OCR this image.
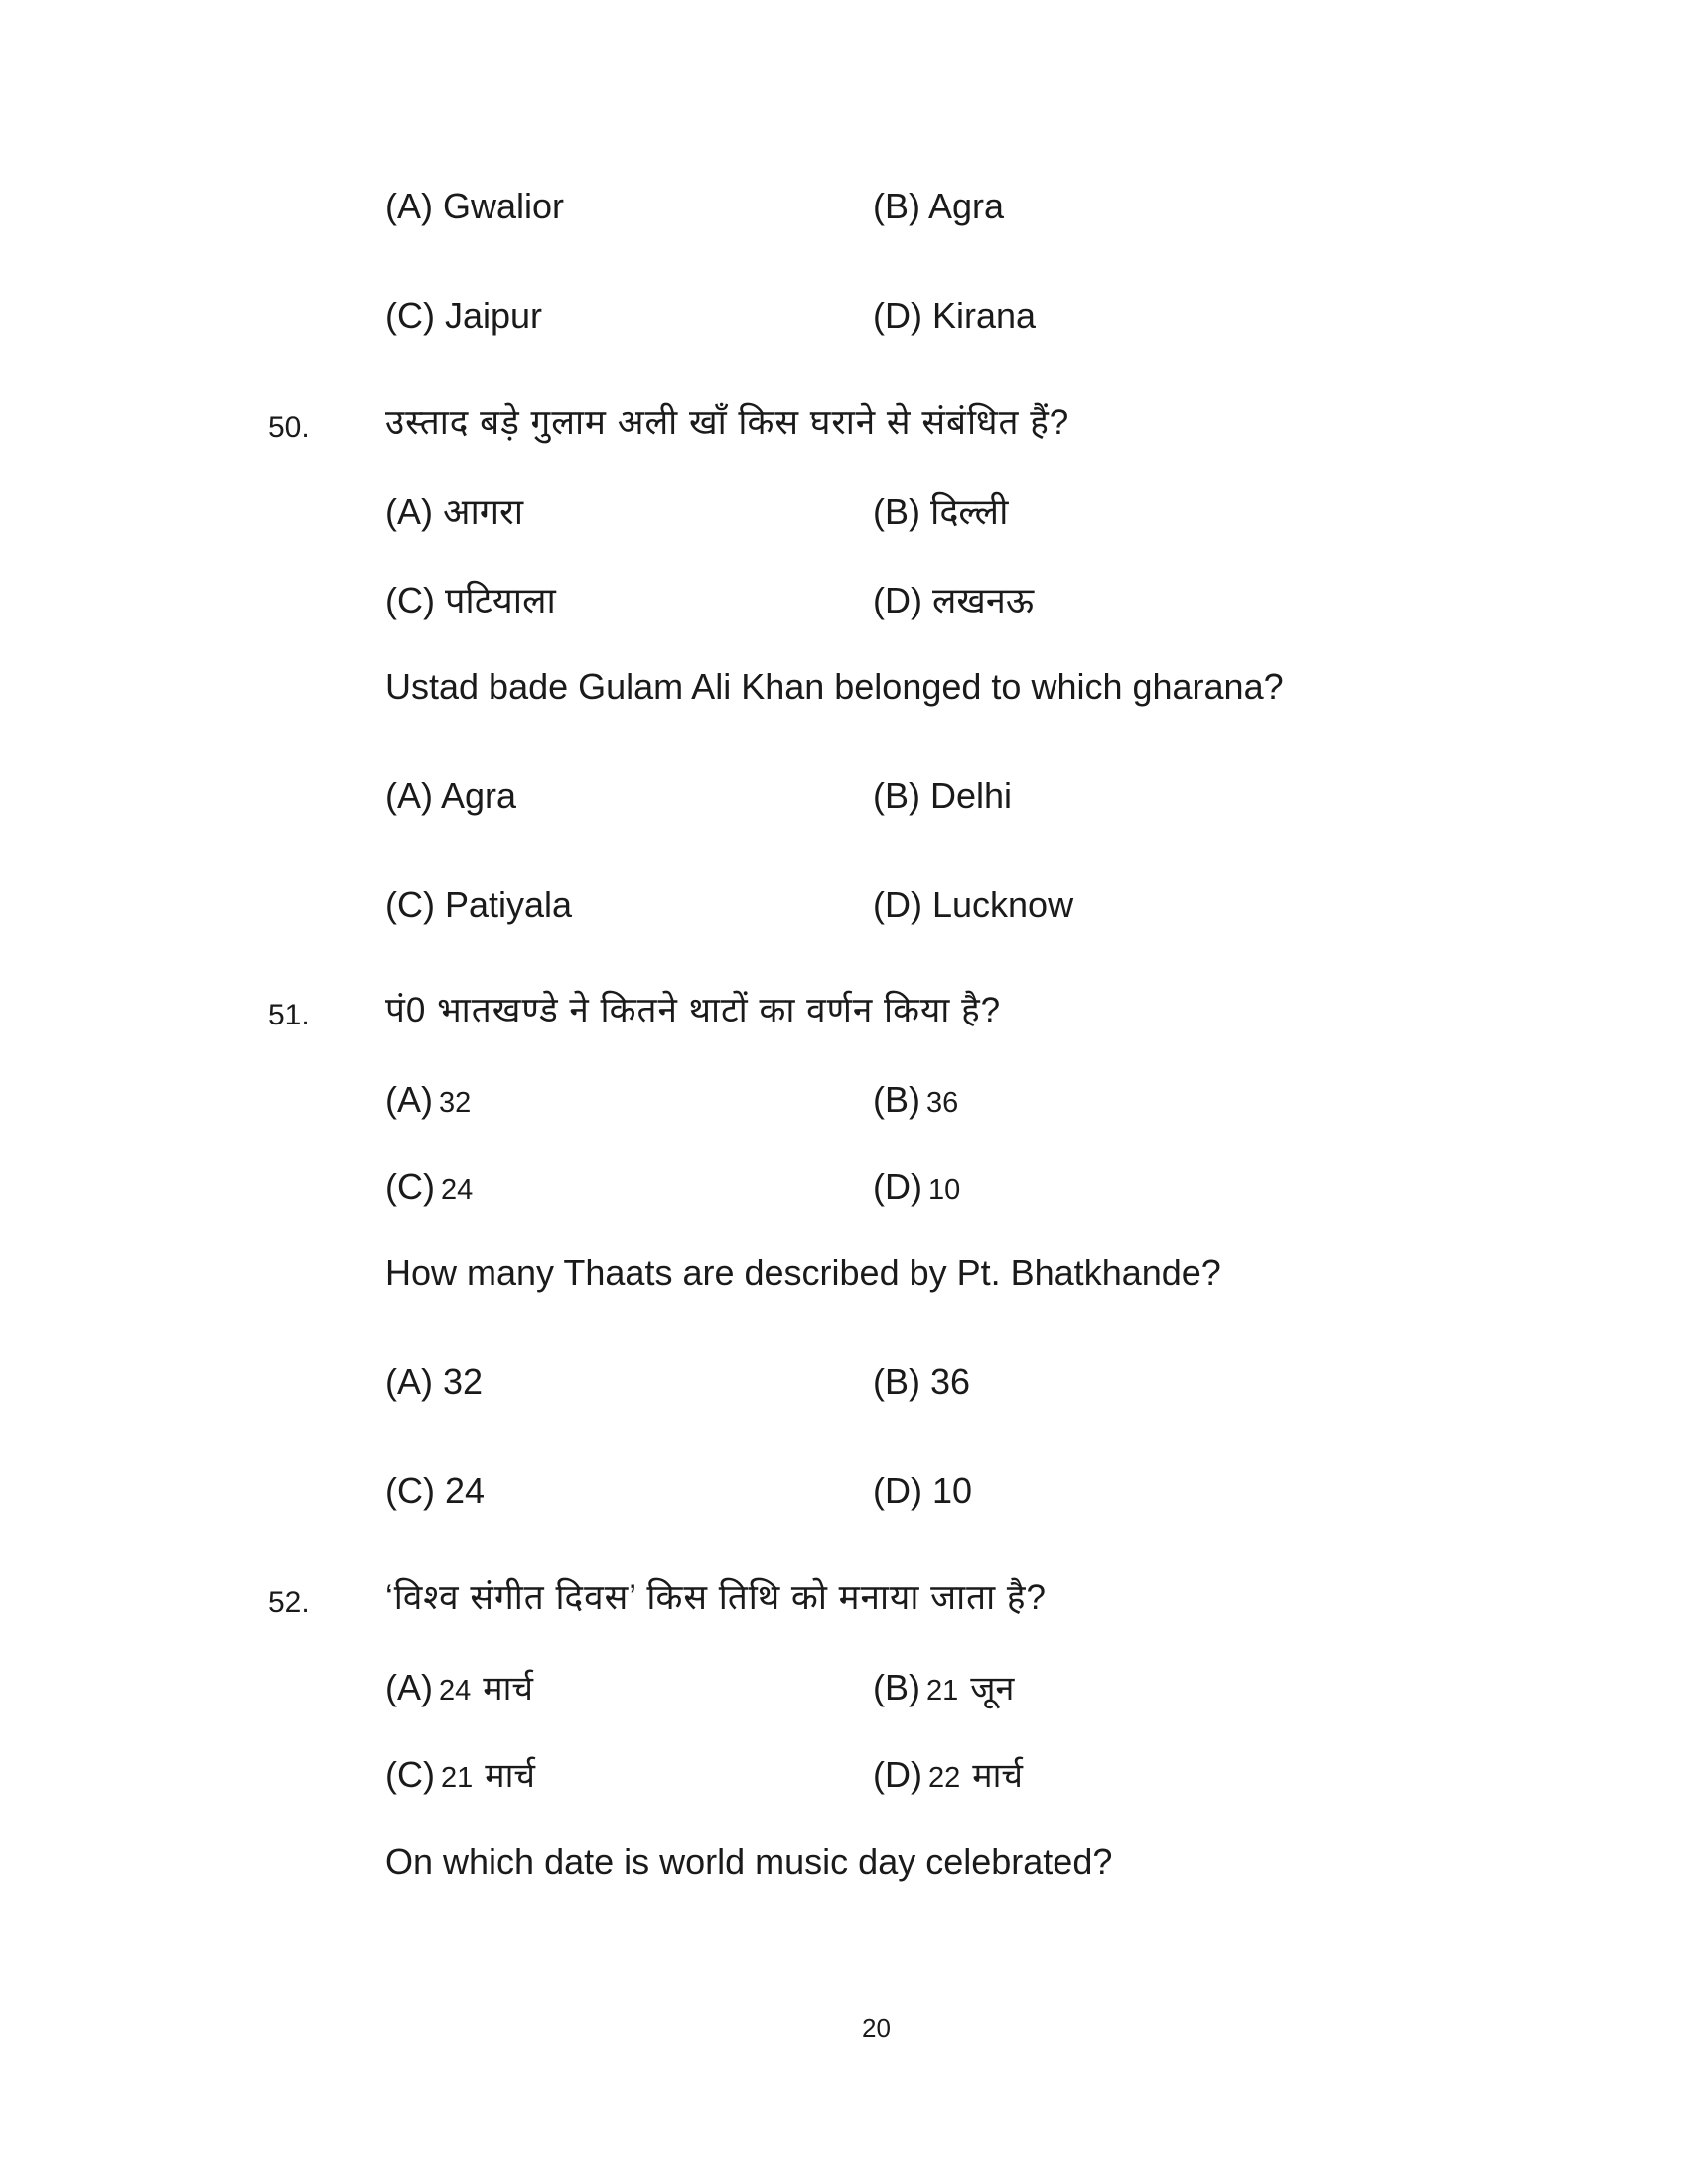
(A) Gwalior	(B) Agra
(C) Jaipur	(D) Kirana
50. उस्ताद बड़े गुलाम अली खाँ किस घराने से संबंधित हैं?
(A) आगरा	(B) दिल्ली
(C) पटियाला	(D) लखनऊ
Ustad bade Gulam Ali Khan belonged to which gharana?
(A) Agra	(B) Delhi
(C) Patiyala	(D) Lucknow
51. पं0 भातखण्डे ने कितने थाटों का वर्णन किया है?
(A) 32	(B) 36
(C) 24	(D) 10
How many Thaats are described by Pt. Bhatkhande?
(A) 32	(B) 36
(C) 24	(D) 10
52. ‘विश्व संगीत दिवस’ किस तिथि को मनाया जाता है?
(A) 24 मार्च	(B) 21 जून
(C) 21 मार्च	(D) 22 मार्च
On which date is world music day celebrated?
20
